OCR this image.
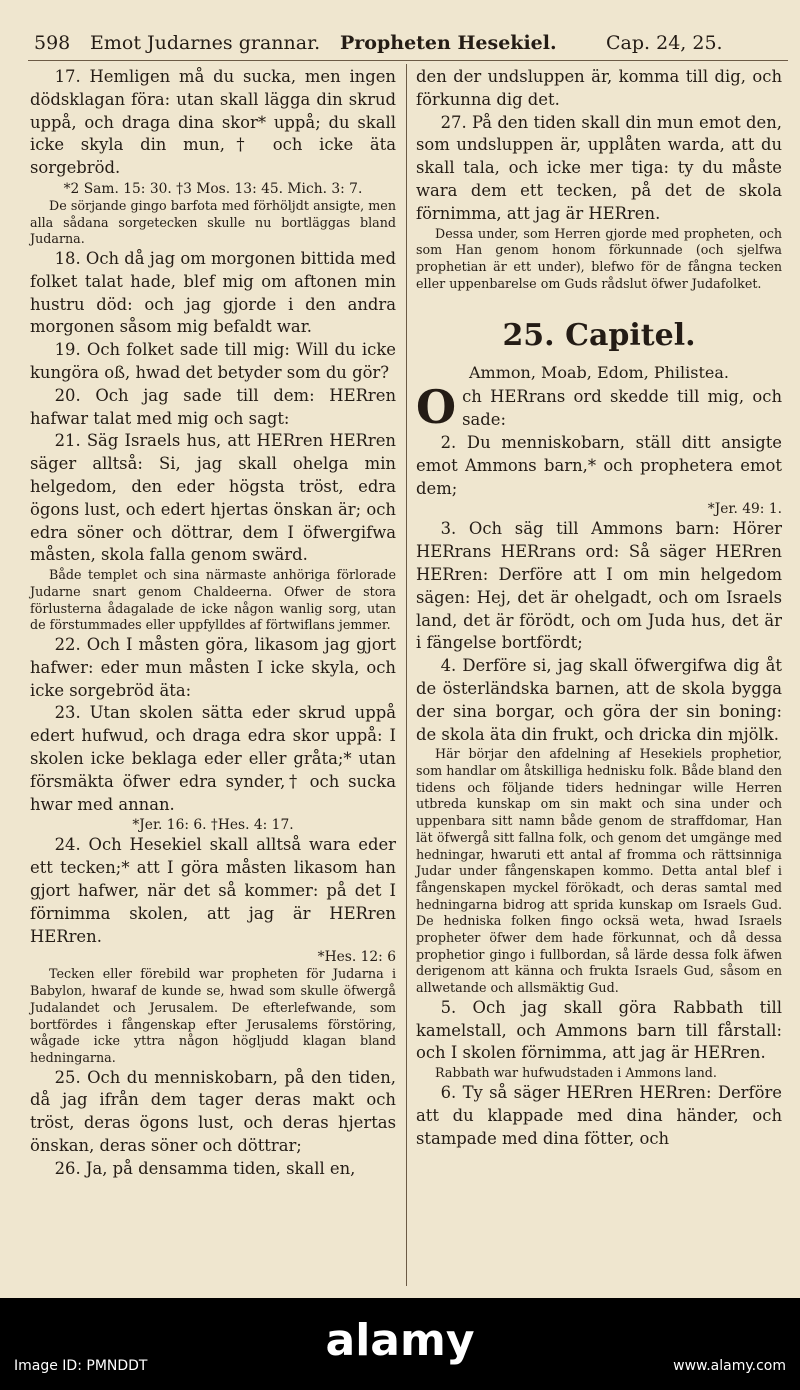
598 Emot Judarnes grannar. Propheten Hesekiel.	Cap. 24, 25.

17. Hemligen må du sucka, men ingen dödsklagan föra: utan skall lägga din skrud uppå, och draga dina skor* uppå; du skall icke skyla din mun,† och icke äta sorgebröd.

*2 Sam. 15: 30. †3 Mos. 13: 45. Mich. 3: 7.

De sörjande gingo barfota med förhöljdt ansigte, men alla sådana sorgetecken skulle nu bortläggas bland Judarna.

18. Och då jag om morgonen bittida med folket talat hade, blef mig om aftonen min hustru död: och jag gjorde i den andra morgonen såsom mig befaldt war.

19. Och folket sade till mig: Will du icke kungöra oß, hwad det betyder som du gör?

20. Och jag sade till dem: HERren hafwar talat med mig och sagt:

21. Säg Israels hus, att HERren HERren säger alltså: Si, jag skall ohelga min helgedom, den eder högsta tröst, edra ögons lust, och edert hjertas önskan är; och edra söner och döttrar, dem I öfwergifwa måsten, skola falla genom swärd.

Både templet och sina närmaste anhöriga förlorade Judarne snart genom Chaldeerna. Ofwer de stora förlusterna ådagalade de icke någon wanlig sorg, utan de förstummades eller uppfylldes af förtwiflans jemmer.

22. Och I måsten göra, likasom jag gjort hafwer: eder mun måsten I icke skyla, och icke sorgebröd äta:

23. Utan skolen sätta eder skrud uppå edert hufwud, och draga edra skor uppå: I skolen icke beklaga eder eller gråta;* utan försmäkta öfwer edra synder,† och sucka hwar med annan.

*Jer. 16: 6. †Hes. 4: 17.

24. Och Hesekiel skall alltså wara eder ett tecken;* att I göra måsten likasom han gjort hafwer, när det så kommer: på det I förnimma skolen, att jag är HERren HERren.

*Hes. 12: 6

Tecken eller förebild war propheten för Judarna i Babylon, hwaraf de kunde se, hwad som skulle öfwergå Judalandet och Jerusalem. De efterlefwande, som bortfördes i fångenskap efter Jerusalems förstöring, wågade icke yttra någon högljudd klagan bland hedningarna.

25. Och du menniskobarn, på den tiden, då jag ifrån dem tager deras makt och tröst, deras ögons lust, och deras hjertas önskan, deras söner och döttrar;

26. Ja, på densamma tiden, skall en,

den der undsluppen är, komma till dig, och förkunna dig det.

27. På den tiden skall din mun emot den, som undsluppen är, upplåten warda, att du skall tala, och icke mer tiga: ty du måste wara dem ett tecken, på det de skola förnimma, att jag är HERren.

Dessa under, som Herren gjorde med propheten, och som Han genom honom förkunnade (och sjelfwa prophetian är ett under), blefwo för de fångna tecken eller uppenbarelse om Guds rådslut öfwer Judafolket.

25. Capitel.

Ammon, Moab, Edom, Philistea.

Och HERrans ord skedde till mig, och sade:

2. Du menniskobarn, ställ ditt ansigte emot Ammons barn,* och prophetera emot dem;

*Jer. 49: 1.

3. Och säg till Ammons barn: Hörer HERrans HERrans ord: Så säger HERren HERren: Derföre att I om min helgedom sägen: Hej, det är ohelgadt, och om Israels land, det är förödt, och om Juda hus, det är i fängelse bortfördt;

4. Derföre si, jag skall öfwergifwa dig åt de österländska barnen, att de skola bygga der sina borgar, och göra der sin boning: de skola äta din frukt, och dricka din mjölk.

Här börjar den afdelning af Hesekiels prophetior, som handlar om åtskilliga hednisku folk. Både bland den tidens och följande tiders hedningar wille Herren utbreda kunskap om sin makt och sina under och uppenbara sitt namn både genom de straffdomar, Han lät öfwergå sitt fallna folk, och genom det umgänge med hedningar, hwaruti ett antal af fromma och rättsinniga Judar under fångenskapen kommo. Detta antal blef i fångenskapen myckel förökadt, och deras samtal med hedningarna bidrog att sprida kunskap om Israels Gud. De hedniska folken fingo ocksä weta, hwad Israels propheter öfwer dem hade förkunnat, och då dessa prophetior gingo i fullbordan, så lärde dessa folk äfwen derigenom att känna och frukta Israels Gud, såsom en allwetande och allsmäktig Gud.

5. Och jag skall göra Rabbath till kamelstall, och Ammons barn till fårstall: och I skolen förnimma, att jag är HERren.

Rabbath war hufwudstaden i Ammons land.

6. Ty så säger HERren HERren: Derföre att du klappade med dina händer, och stampade med dina fötter, och

alamy
Image ID: PMNDDT	www.alamy.com
